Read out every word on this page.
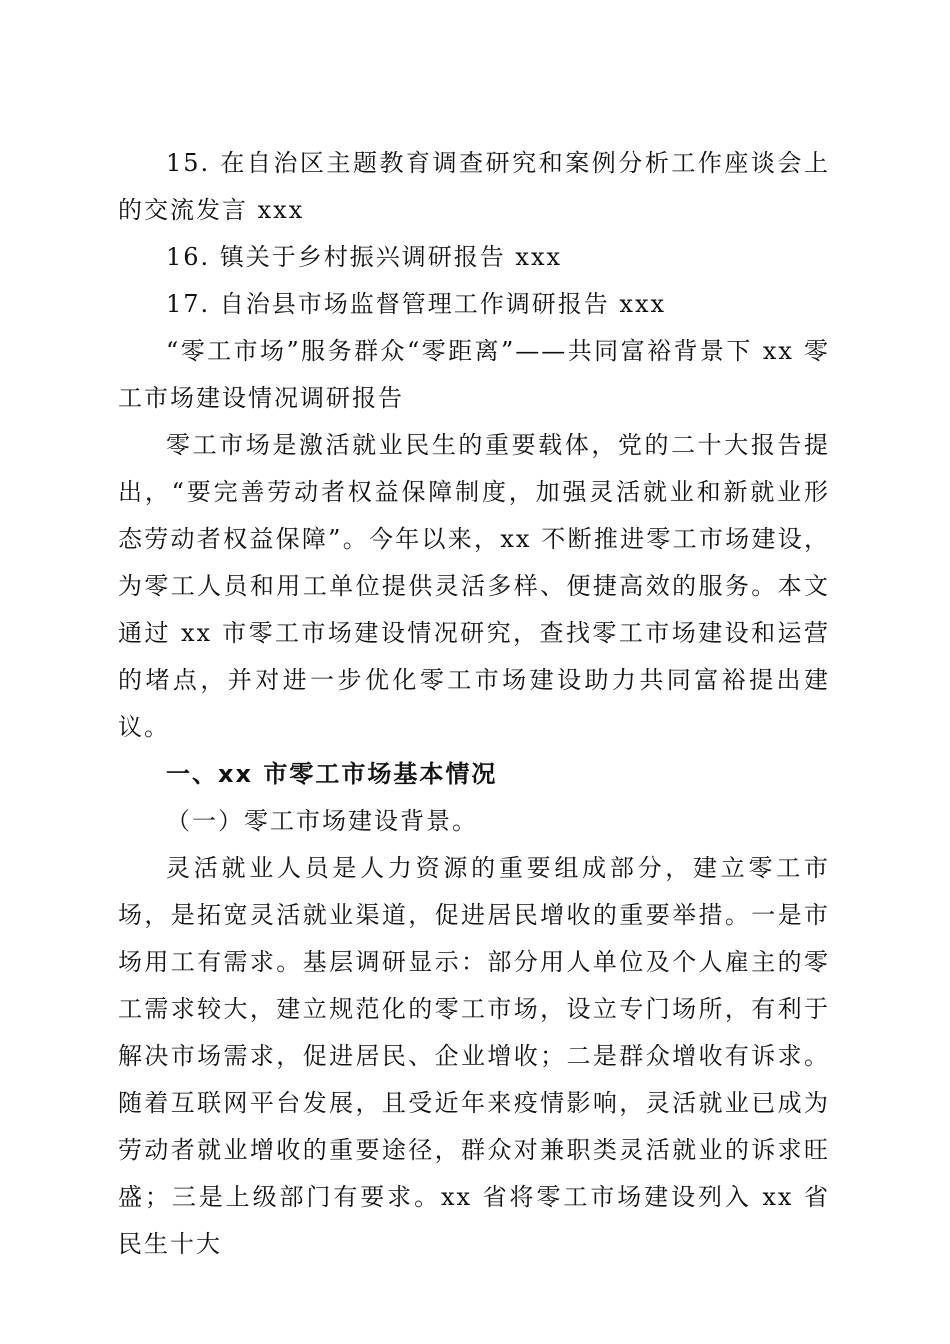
15. 在自治区主题教育调查研究和案例分析工作座谈会上的交流发言 xxx

16. 镇关于乡村振兴调研报告 xxx

17. 自治县市场监督管理工作调研报告 xxx

“零工市场”服务群众“零距离”——共同富裕背景下 xx 零工市场建设情况调研报告

零工市场是激活就业民生的重要载体，党的二十大报告提出，“要完善劳动者权益保障制度，加强灵活就业和新就业形态劳动者权益保障”。今年以来，xx 不断推进零工市场建设，为零工人员和用工单位提供灵活多样、便捷高效的服务。本文通过 xx 市零工市场建设情况研究，查找零工市场建设和运营的堵点，并对进一步优化零工市场建设助力共同富裕提出建议。

一、xx 市零工市场基本情况

（一）零工市场建设背景。

灵活就业人员是人力资源的重要组成部分，建立零工市场，是拓宽灵活就业渠道，促进居民增收的重要举措。一是市场用工有需求。基层调研显示：部分用人单位及个人雇主的零工需求较大，建立规范化的零工市场，设立专门场所，有利于解决市场需求，促进居民、企业增收；二是群众增收有诉求。随着互联网平台发展，且受近年来疫情影响，灵活就业已成为劳动者就业增收的重要途径，群众对兼职类灵活就业的诉求旺盛；三是上级部门有要求。xx 省将零工市场建设列入 xx 省民生十大
